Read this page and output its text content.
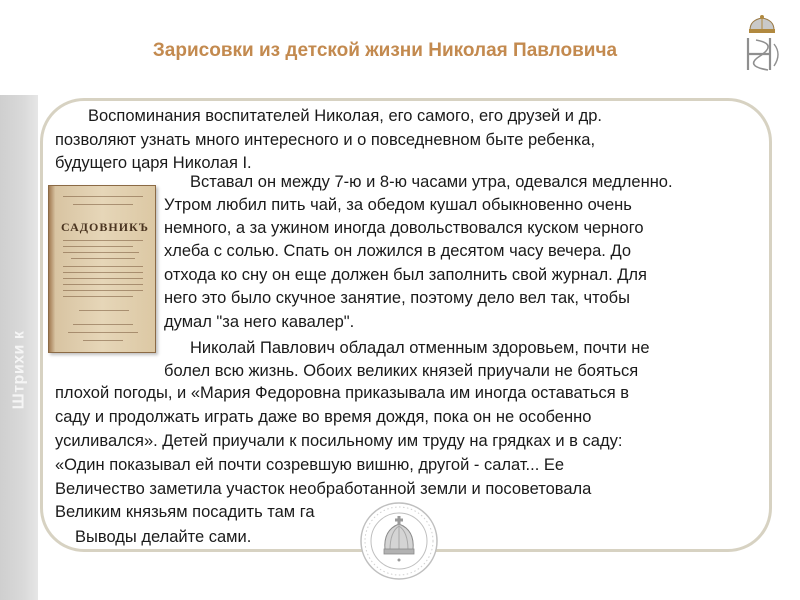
Штрихи к
Зарисовки из детской жизни Николая Павловича
САДОВНИКЪ
Воспоминания воспитателей Николая, его самого, его друзей и др.
позволяют узнать много интересного и о повседневном быте ребенка,
будущего царя Николая I.
Вставал он между 7-ю и 8-ю часами утра, одевался медленно.
Утром любил пить чай, за обедом кушал обыкновенно очень
немного, а за ужином иногда довольствовался куском черного
хлеба с солью. Спать он ложился в десятом часу вечера. До
отхода ко сну он еще должен был заполнить свой журнал. Для
него это было скучное занятие, поэтому дело вел так, чтобы
думал "за него кавалер".
Николай Павлович обладал отменным здоровьем, почти не
болел всю жизнь. Обоих великих князей приучали не бояться
плохой погоды, и «Мария Федоровна приказывала им иногда оставаться в
саду и продолжать играть даже во время дождя, пока он не особенно
усиливался». Детей приучали к посильному им труду на грядках и в саду:
«Один показывал ей почти созревшую вишню, другой - салат... Ее
Величество заметила участок необработанной земли и посоветовала
Великим князьям посадить там га
Выводы делайте сами.
